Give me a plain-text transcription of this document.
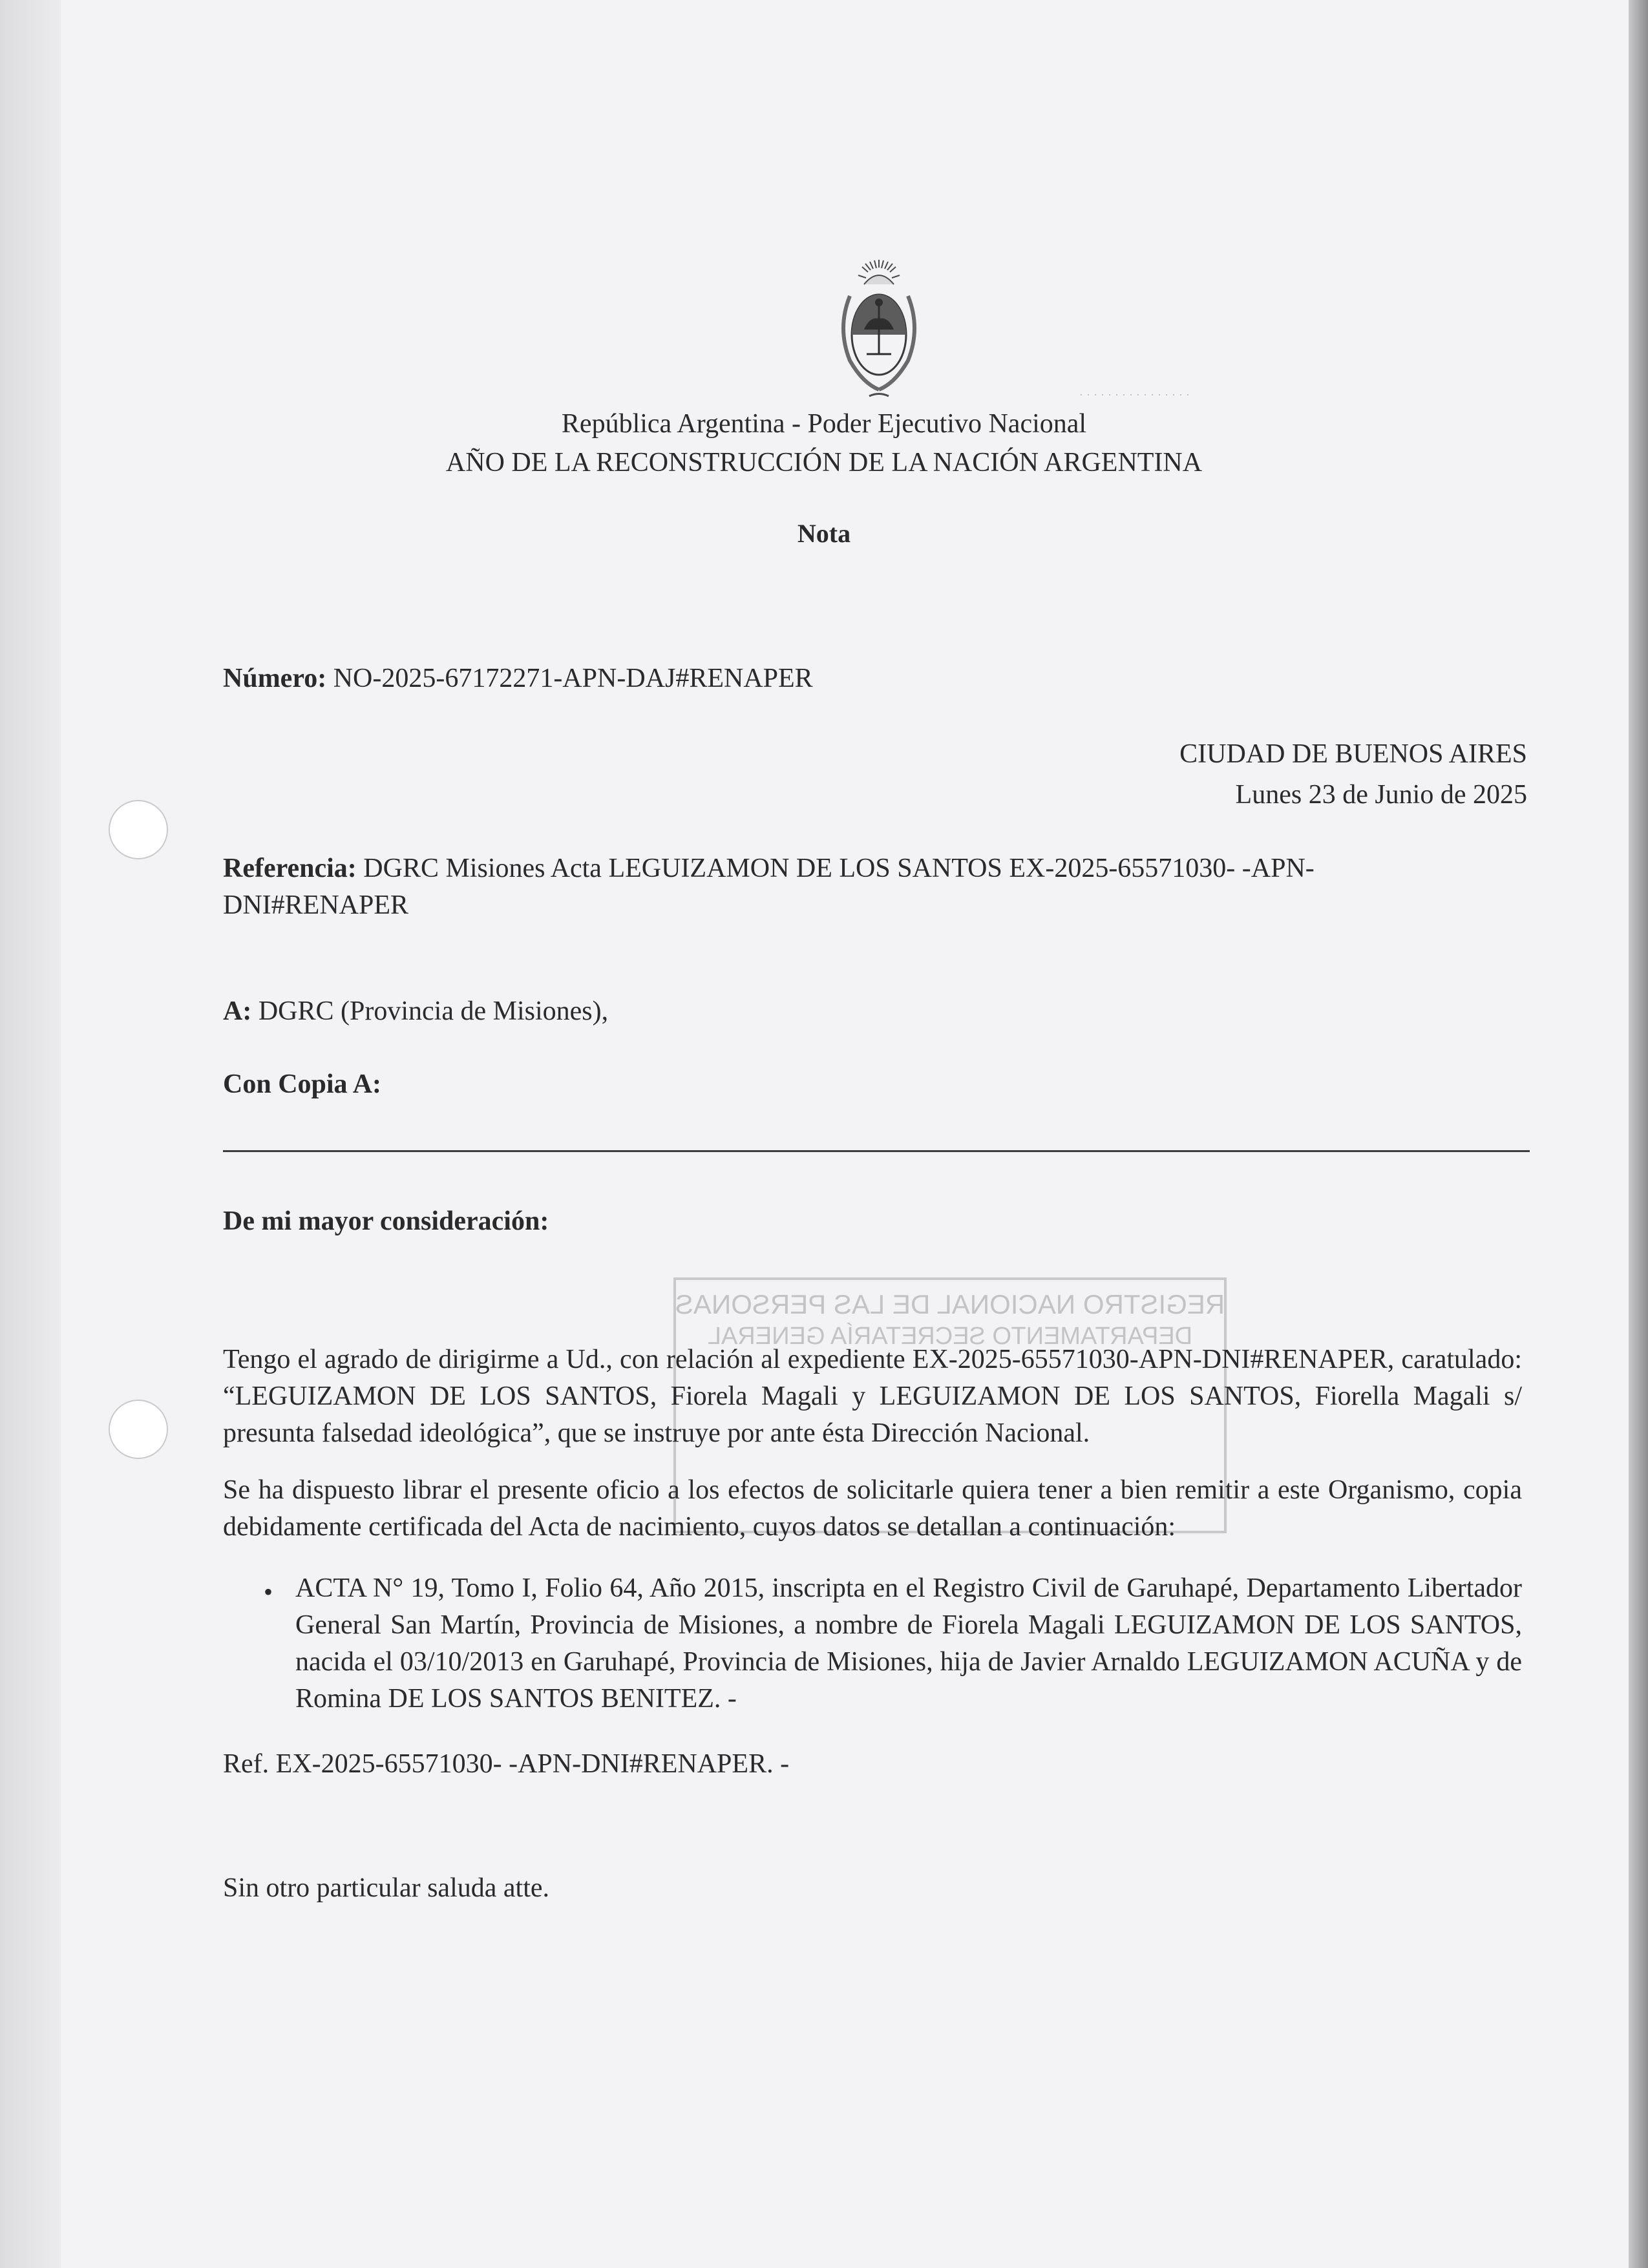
· · · · · · · · · · · · · · · ·
REGISTRO NACIONAL DE LAS PERSONAS
DEPARTAMENTO SECRETARÍA GENERAL
República Argentina - Poder Ejecutivo Nacional
AÑO DE LA RECONSTRUCCIÓN DE LA NACIÓN ARGENTINA
Nota
Número: NO-2025-67172271-APN-DAJ#RENAPER
CIUDAD DE BUENOS AIRES
Lunes 23 de Junio de 2025
Referencia: DGRC Misiones Acta LEGUIZAMON DE LOS SANTOS EX-2025-65571030- -APN-
DNI#RENAPER
A: DGRC (Provincia de Misiones),
Con Copia A:
De mi mayor consideración:
Tengo el agrado de dirigirme a Ud., con relación al expediente EX-2025-65571030-APN-DNI#RENAPER, caratulado: “LEGUIZAMON DE LOS SANTOS, Fiorela Magali y LEGUIZAMON DE LOS SANTOS, Fiorella Magali s/ presunta falsedad ideológica”, que se instruye por ante ésta Dirección Nacional.
Se ha dispuesto librar el presente oficio a los efectos de solicitarle quiera tener a bien remitir a este Organismo, copia debidamente certificada del Acta de nacimiento, cuyos datos se detallan a continuación:
• ACTA N° 19, Tomo I, Folio 64, Año 2015, inscripta en el Registro Civil de Garuhapé, Departamento Libertador General San Martín, Provincia de Misiones, a nombre de Fiorela Magali LEGUIZAMON DE LOS SANTOS, nacida el 03/10/2013 en Garuhapé, Provincia de Misiones, hija de Javier Arnaldo LEGUIZAMON ACUÑA y de Romina DE LOS SANTOS BENITEZ. -
Ref. EX-2025-65571030- -APN-DNI#RENAPER. -
Sin otro particular saluda atte.
